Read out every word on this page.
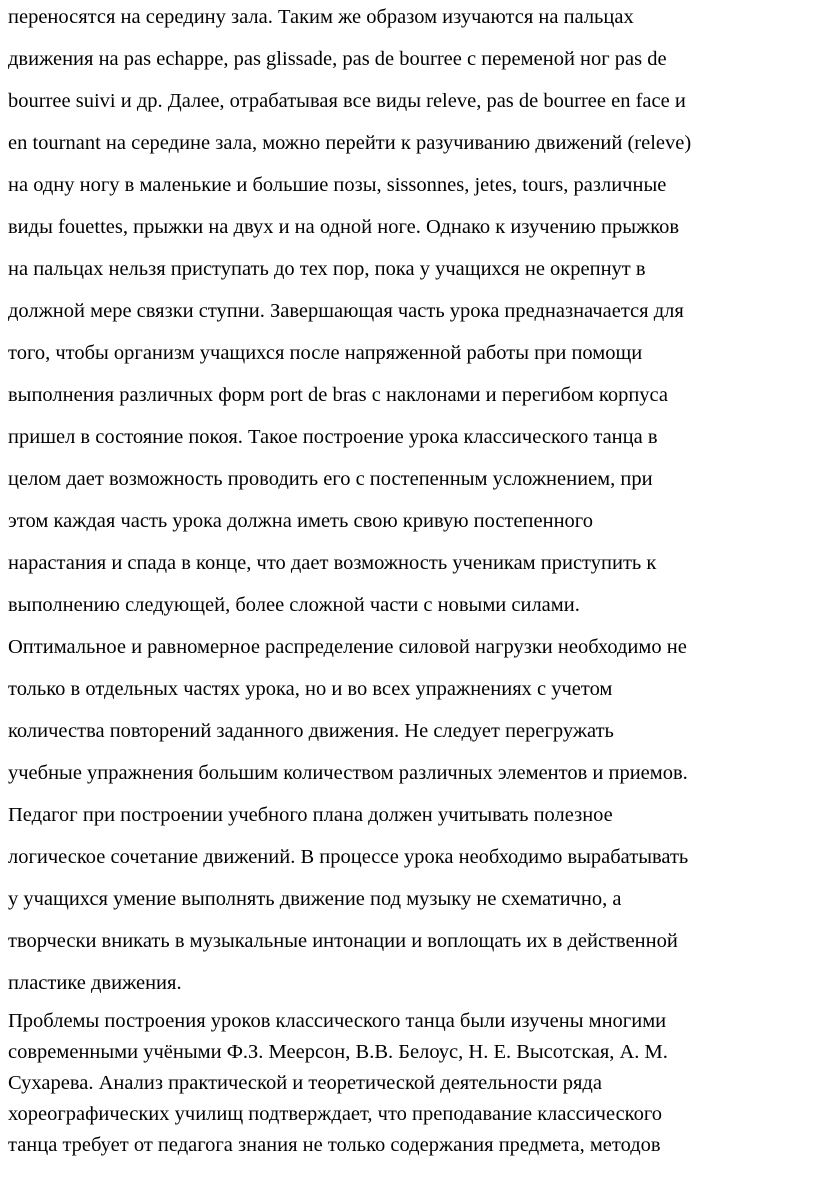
переносятся на середину зала. Таким же образом изучаются на пальцах
движения на pas echappe, pas glissade, pas de bourree с переменой ног pas de
bourree suivi и др. Далее, отрабатывая все виды releve, pas de bourree en face и
en tournant на середине зала, можно перейти к разучиванию движений (releve)
на одну ногу в маленькие и большие позы, sissonnes, jetes, tours, различные
виды fouettes, прыжки на двух и на одной ноге. Однако к изучению прыжков
на пальцах нельзя приступать до тех пор, пока у учащихся не окрепнут в
должной мере связки ступни. Завершающая часть урока предназначается для
того, чтобы организм учащихся после напряженной работы при помощи
выполнения различных форм port de bras с наклонами и перегибом корпуса
пришел в состояние покоя. Такое построение урока классического танца в
целом дает возможность проводить его с постепенным усложнением, при
этом каждая часть урока должна иметь свою кривую постепенного
нарастания и спада в конце, что дает возможность ученикам приступить к
выполнению следующей, более сложной части с новыми силами.
Оптимальное и равномерное распределение силовой нагрузки необходимо не
только в отдельных частях урока, но и во всех упражнениях с учетом
количества повторений заданного движения. Не следует перегружать
учебные упражнения большим количеством различных элементов и приемов.
Педагог при построении учебного плана должен учитывать полезное
логическое сочетание движений. В процессе урока необходимо вырабатывать
у учащихся умение выполнять движение под музыку не схематично, а
творчески вникать в музыкальные интонации и воплощать их в действенной
пластике движения.
Проблемы построения уроков классического танца были изучены многими
современными учёными Ф.З. Меерсон, В.В. Белоус, Н. Е. Высотская, А. М.
Сухарева. Анализ практической и теоретической деятельности ряда
хореографических училищ подтверждает, что преподавание классического
танца требует от педагога знания не только содержания предмета, методов
